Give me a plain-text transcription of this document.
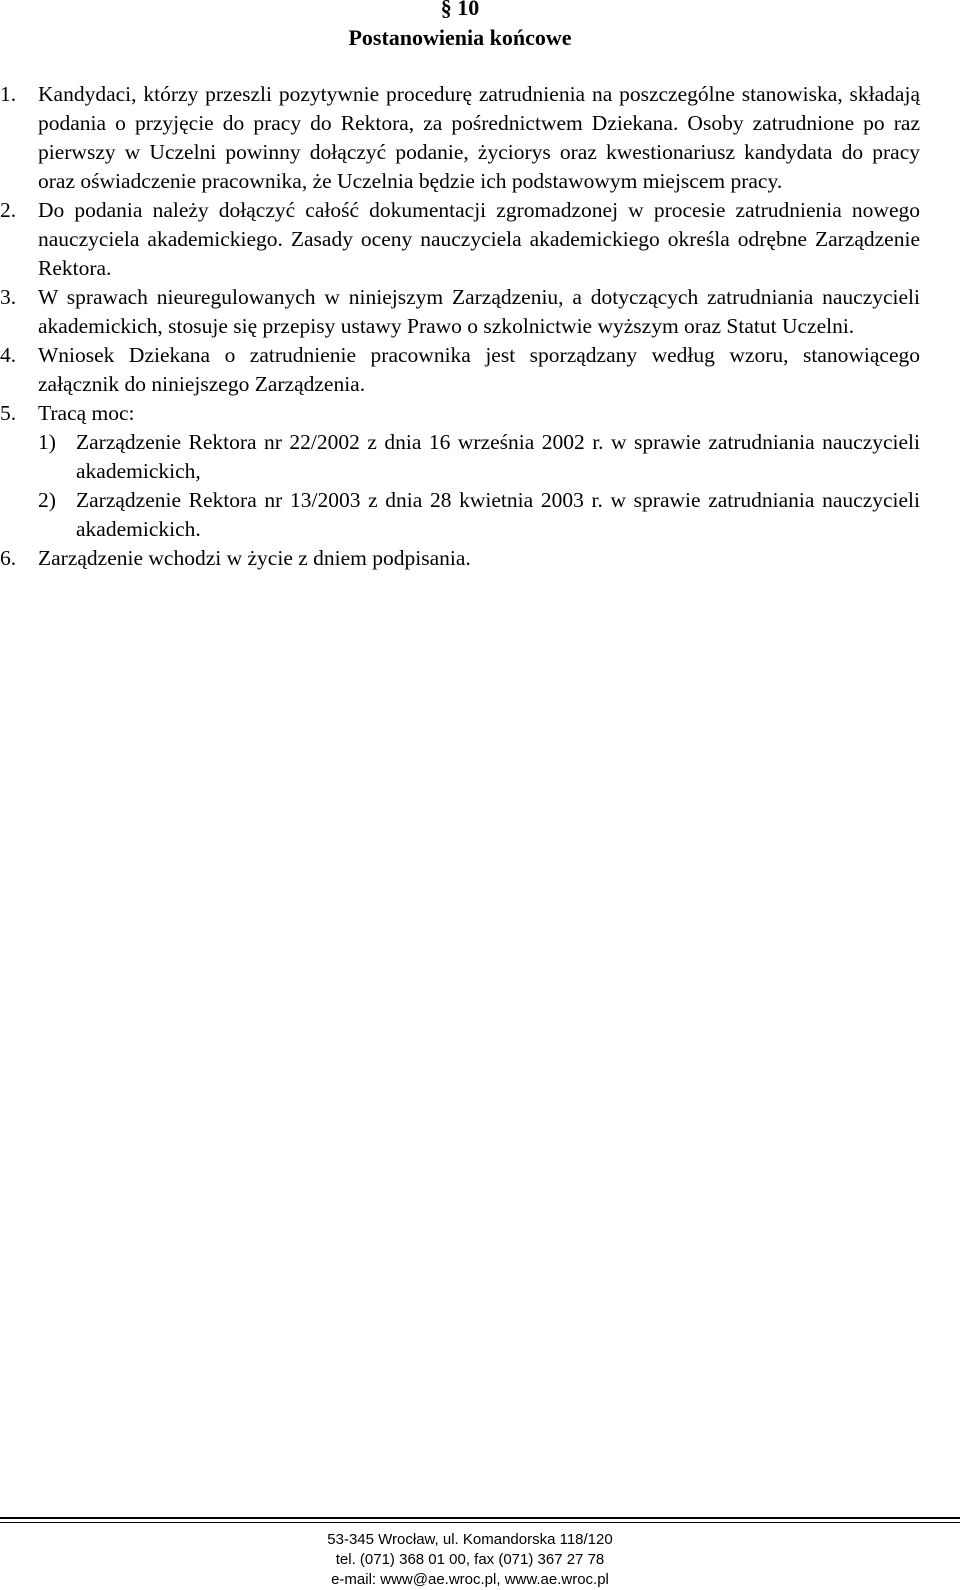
§ 10
Postanowienia końcowe
1. Kandydaci, którzy przeszli pozytywnie procedurę zatrudnienia na poszczególne stanowiska, składają podania o przyjęcie do pracy do Rektora, za pośrednictwem Dziekana. Osoby zatrudnione po raz pierwszy w Uczelni powinny dołączyć podanie, życiorys oraz kwestionariusz kandydata do pracy oraz oświadczenie pracownika, że Uczelnia będzie ich podstawowym miejscem pracy.
2. Do podania należy dołączyć całość dokumentacji zgromadzonej w procesie zatrudnienia nowego nauczyciela akademickiego. Zasady oceny nauczyciela akademickiego określa odrębne Zarządzenie Rektora.
3. W sprawach nieuregulowanych w niniejszym Zarządzeniu, a dotyczących zatrudniania nauczycieli akademickich, stosuje się przepisy ustawy Prawo o szkolnictwie wyższym oraz Statut Uczelni.
4. Wniosek Dziekana o zatrudnienie pracownika jest sporządzany według wzoru, stanowiącego załącznik do niniejszego Zarządzenia.
5. Tracą moc:
1) Zarządzenie Rektora nr 22/2002 z dnia 16 września 2002 r. w sprawie zatrudniania nauczycieli akademickich,
2) Zarządzenie Rektora nr 13/2003 z dnia 28 kwietnia 2003 r. w sprawie zatrudniania nauczycieli akademickich.
6. Zarządzenie wchodzi w życie z dniem podpisania.
53-345 Wrocław, ul. Komandorska 118/120
tel. (071) 368 01 00, fax (071) 367 27 78
e-mail: www@ae.wroc.pl, www.ae.wroc.pl
